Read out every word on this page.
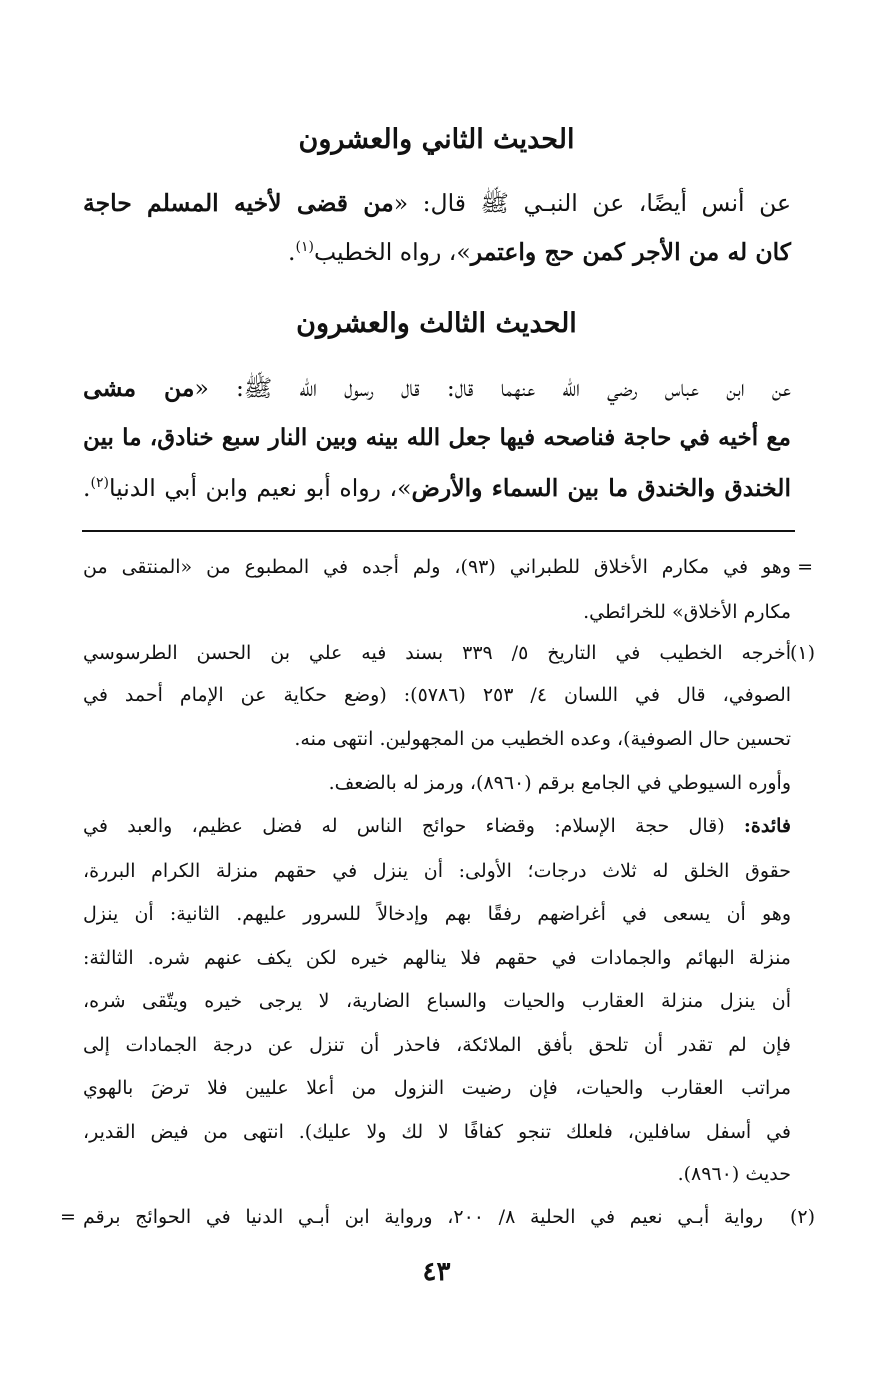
الحديث الثاني والعشرون
عن أنس أيضًا، عن النبـي ﷺ قال: «من قضى لأخيه المسلم حاجة
كان له من الأجر كمن حج واعتمر»، رواه الخطيب$^{(١)}$.
الحديث الثالث والعشرون
عن ابن عباس رضي الله عنهما قال: قال رسول الله ﷺ: «من مشى
مع أخيه في حاجة فناصحه فيها جعل الله بينه وبين النار سبع خنادق، ما بين
الخندق والخندق ما بين السماء والأرض»، رواه أبو نعيم وابن أبي الدنيا$^{(٢)}$.
=
وهو في مكارم الأخلاق للطبراني (٩٣)، ولم أجده في المطبوع من «المنتقى من
مكارم الأخلاق» للخرائطي.
(١)
أخرجه الخطيب في التاريخ ٥/ ٣٣٩ بسند فيه علي بن الحسن الطرسوسي
الصوفي، قال في اللسان ٤/ ٢٥٣ (٥٧٨٦): (وضع حكاية عن الإمام أحمد في
تحسين حال الصوفية)، وعده الخطيب من المجهولين. انتهى منه.
وأوره السيوطي في الجامع برقم (٨٩٦٠)، ورمز له بالضعف.
فائدة: (قال حجة الإسلام: وقضاء حوائج الناس له فضل عظيم، والعبد في
حقوق الخلق له ثلاث درجات؛ الأولى: أن ينزل في حقهم منزلة الكرام البررة،
وهو أن يسعى في أغراضهم رفقًا بهم وإدخالاً للسرور عليهم. الثانية: أن ينزل
منزلة البهائم والجمادات في حقهم فلا ينالهم خيره لكن يكف عنهم شره. الثالثة:
أن ينزل منزلة العقارب والحيات والسباع الضارية، لا يرجى خيره ويتّقى شره،
فإن لم تقدر أن تلحق بأفق الملائكة، فاحذر أن تنزل عن درجة الجمادات إلى
مراتب العقارب والحيات، فإن رضيت النزول من أعلا عليين فلا ترضَ بالهوي
في أسفل سافلين، فلعلك تنجو كفافًا لا لك ولا عليك). انتهى من فيض القدير،
حديث (٨٩٦٠).
(٢)
رواية أبـي نعيم في الحلية ٨/ ٢٠٠، ورواية ابن أبـي الدنيا في الحوائج برقم
=
٤٣
